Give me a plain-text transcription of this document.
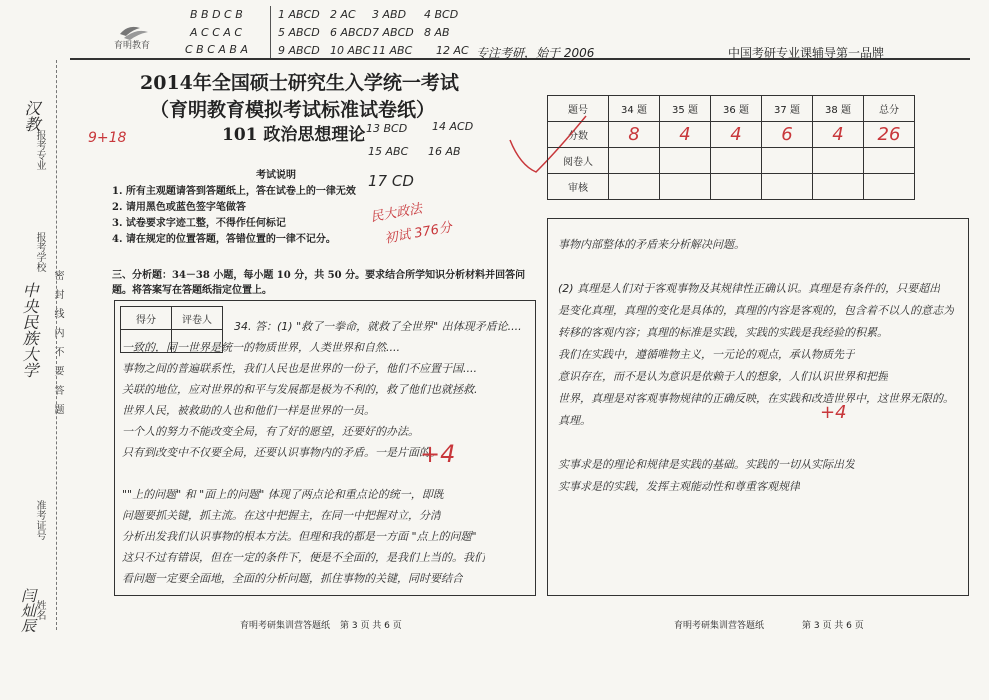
报考专业
汉教
报考学校
中央民族大学
准考证号
姓名
闫灿辰
密 封 线 内 不 要 答 题
育明教育
B B D C B
A C C A C
C B C A B A
1 ABCD
5 ABCD
9 ABCD
2 AC
6 ABCD
10 ABC
3 ABD
7 ABCD
11 ABC
4 BCD
8 AB
12 AC 专注考研，始于 2006	中国考研专业课辅导第一品牌
2014年全国硕士研究生入学统一考试
（育明教育模拟考试标准试卷纸）
101 政治思想理论 13 BCD 14 ACD
15 ABC 16 AB
17 CD
9+18
民大政法
初试 376分
题号	34 题	35 题	36 题	37 题	38 题	总分
分数	8	4	4	6	4	26
阅卷人						
审核						
考试说明
1. 所有主观题请答到答题纸上，答在试卷上的一律无效
2. 请用黑色或蓝色签字笔做答
3. 试卷要求字迹工整，不得作任何标记
4. 请在规定的位置答题，答错位置的一律不记分。
三、分析题：34－38 小题，每小题 10 分，共 50 分。要求结合所学知识分析材料并回答问题。将答案写在答题纸指定位置上。
得分	评卷人
	34. 答：(1) "救了一拳命，就救了全世界" 出体现矛盾论....
一致的，同一世界是统一的物质世界，人类世界和自然....
事物之间的普遍联系性，我们人民也是世界的一份子，他们不应置于国....
关联的地位，应对世界的和平与发展都是极为不利的，救了他们也就拯救.
世界人民，被救助的人也和他们一样是世界的一员。
一个人的努力不能改变全局，有了好的愿望，还要好的办法。
只有到改变中不仅要全局，还要认识事物内的矛盾。一是片面的。
""上的问题" 和 "面上的问题" 体现了两点论和重点论的统一，即既
问题要抓关键，抓主流。在这中把握主，在同一中把握对立，分清
分析出发我们认识事物的根本方法。但理和我的都是一方面 "点上的问题"
这只不过有错误，但在一定的条件下，便是不全面的，是我们上当的。我们
看问题一定要全面地，全面的分析问题，抓住事物的关键，同时要结合
+4
事物内部整体的矛盾来分析解决问题。
(2) 真理是人们对于客观事物及其规律性正确认识。真理是有条件的，只要超出
是变化真理，真理的变化是具体的，真理的内容是客观的，包含着不以人的意志为
转移的客观内容；真理的标准是实践，实践的实践是我经验的积累。
我们在实践中，遵循唯物主义，一元论的观点，承认物质先于
意识存在，而不是认为意识是依赖于人的想象，人们认识世界和把握
世界，真理是对客观事物规律的正确反映，在实践和改造世界中，这世界无限的。
真理。
实事求是的理论和规律是实践的基础。实践的一切从实际出发
实事求是的实践，发挥主观能动性和尊重客观规律
+4
育明考研集训营答题纸 第 3 页 共 6 页	育明考研集训营答题纸	第 3 页 共 6 页
